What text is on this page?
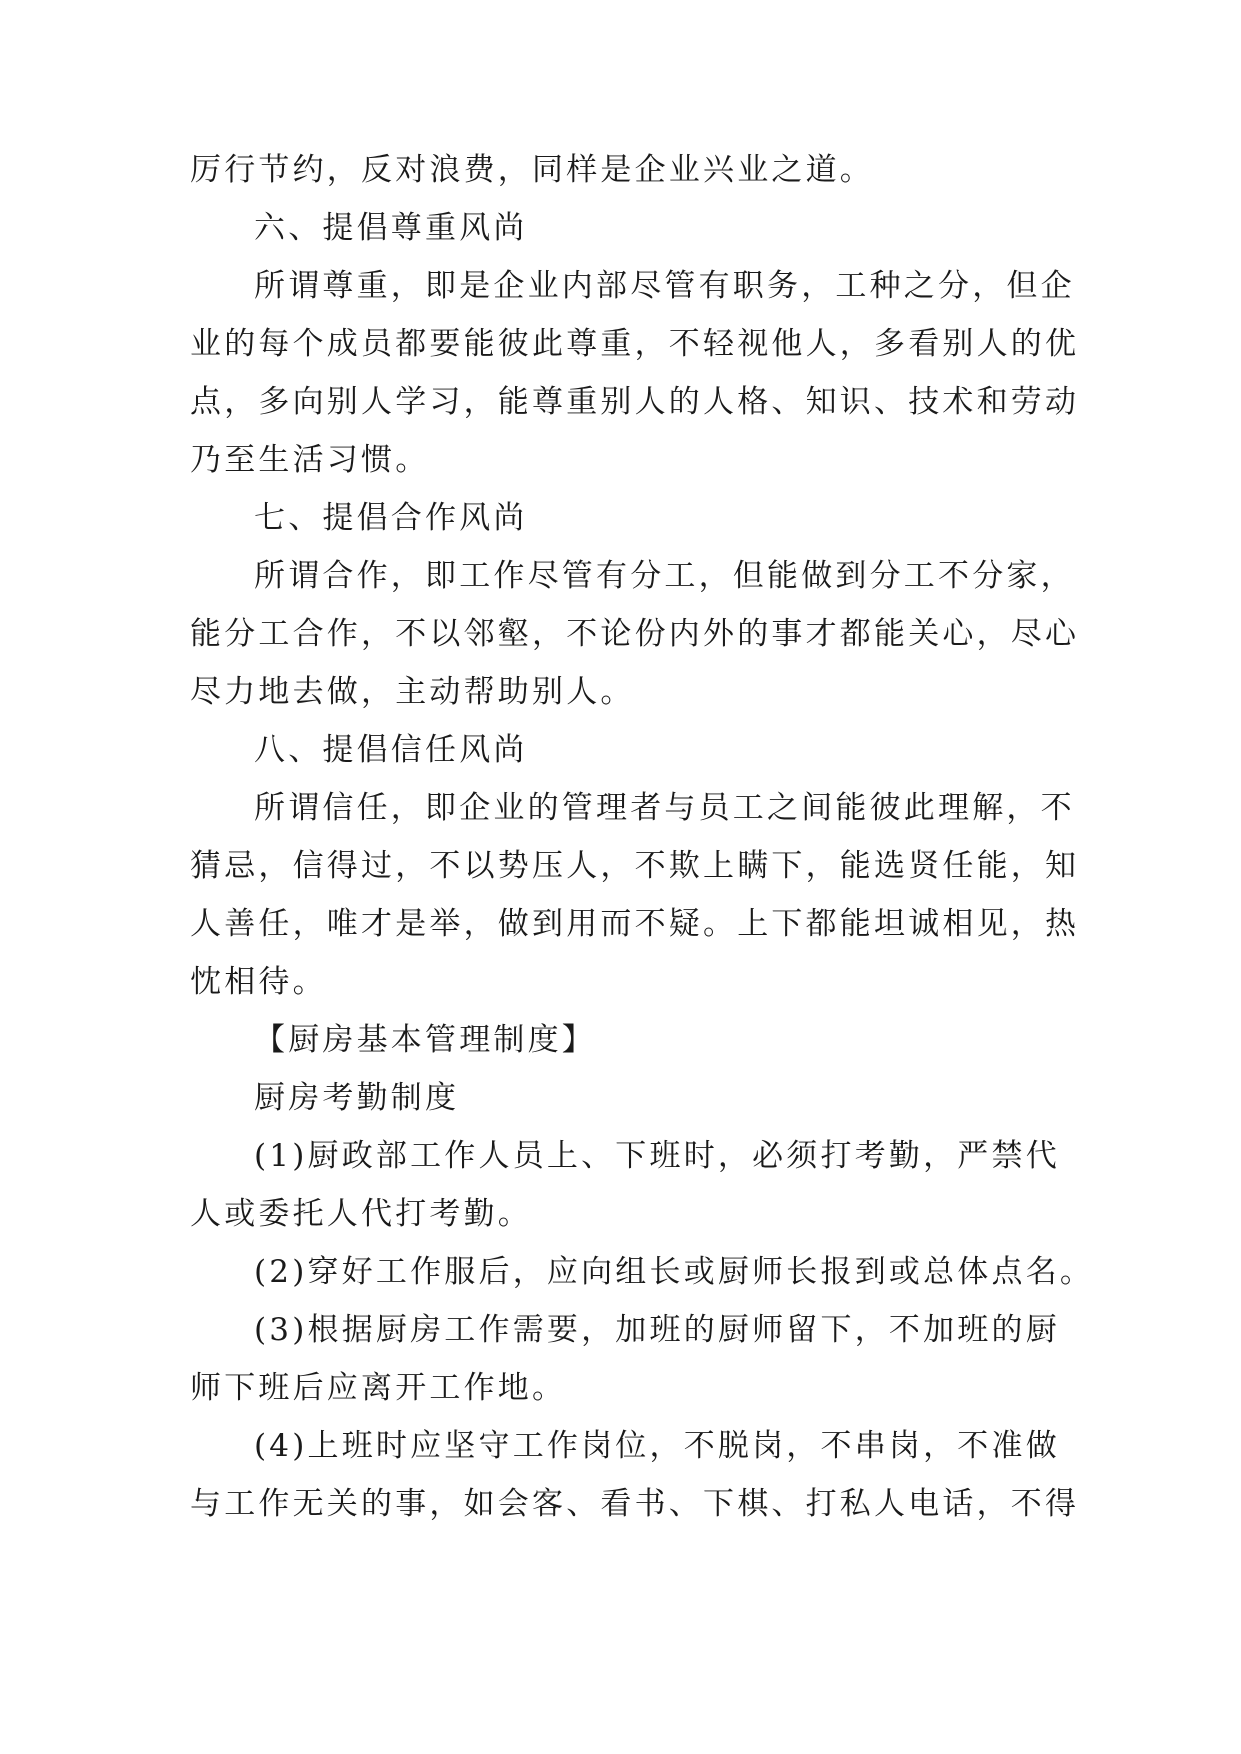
厉行节约，反对浪费，同样是企业兴业之道。

六、提倡尊重风尚

所谓尊重，即是企业内部尽管有职务，工种之分，但企

业的每个成员都要能彼此尊重，不轻视他人，多看别人的优

点，多向别人学习，能尊重别人的人格、知识、技术和劳动

乃至生活习惯。

七、提倡合作风尚

所谓合作，即工作尽管有分工，但能做到分工不分家，

能分工合作，不以邻壑，不论份内外的事才都能关心，尽心

尽力地去做，主动帮助别人。

八、提倡信任风尚

所谓信任，即企业的管理者与员工之间能彼此理解，不

猜忌，信得过，不以势压人，不欺上瞒下，能选贤任能，知

人善任，唯才是举，做到用而不疑。上下都能坦诚相见，热

忱相待。

【厨房基本管理制度】

厨房考勤制度

(1)厨政部工作人员上、下班时，必须打考勤，严禁代

人或委托人代打考勤。

(2)穿好工作服后，应向组长或厨师长报到或总体点名。

(3)根据厨房工作需要，加班的厨师留下，不加班的厨

师下班后应离开工作地。

(4)上班时应坚守工作岗位，不脱岗，不串岗，不准做

与工作无关的事，如会客、看书、下棋、打私人电话，不得
